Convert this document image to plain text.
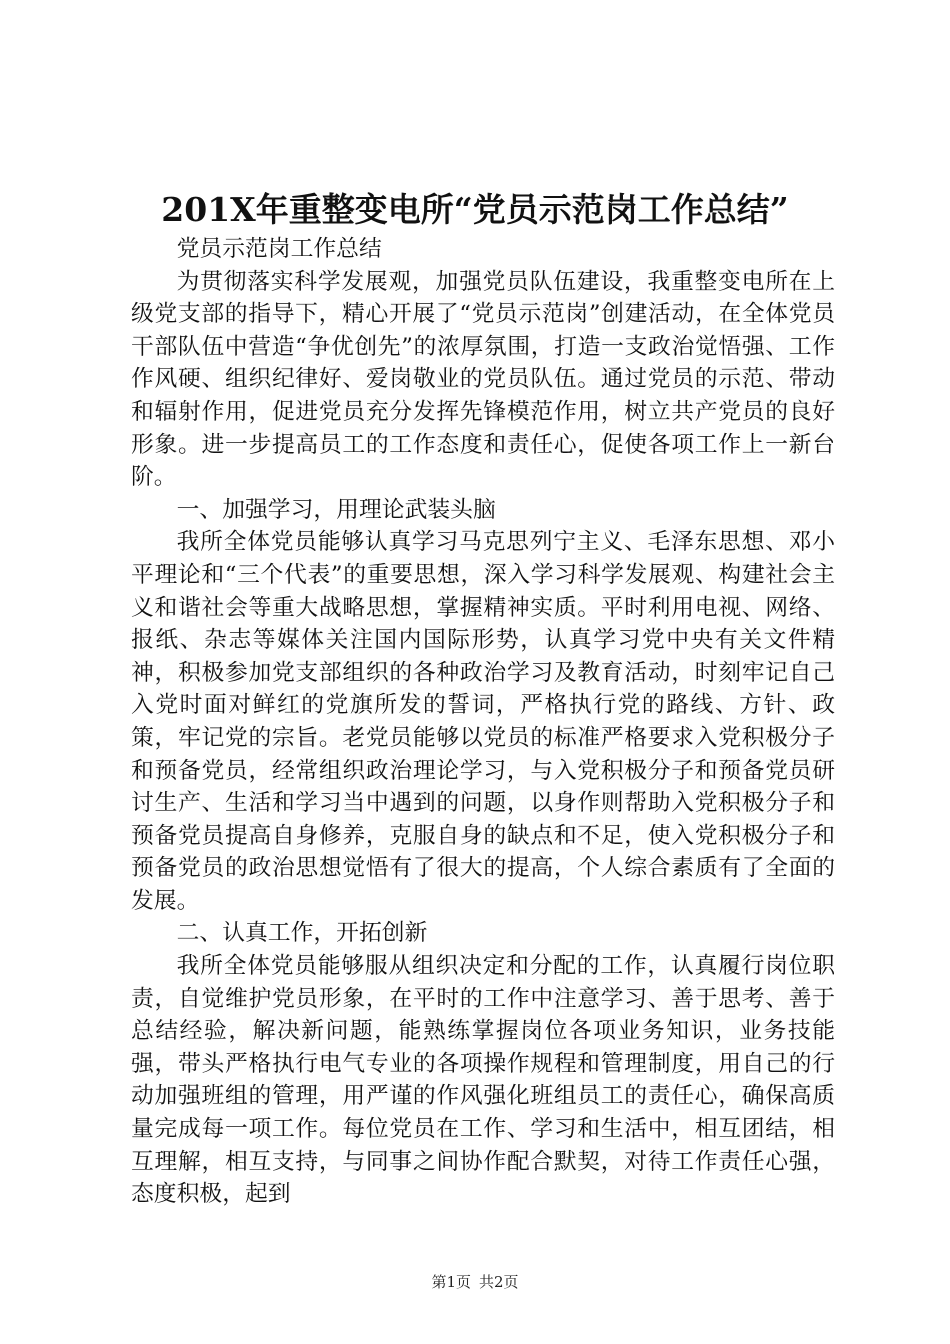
201X年重整变电所“党员示范岗工作总结”

党员示范岗工作总结

为贯彻落实科学发展观，加强党员队伍建设，我重整变电所在上级党支部的指导下，精心开展了“党员示范岗”创建活动，在全体党员干部队伍中营造“争优创先”的浓厚氛围，打造一支政治觉悟强、工作作风硬、组织纪律好、爱岗敬业的党员队伍。通过党员的示范、带动和辐射作用，促进党员充分发挥先锋模范作用，树立共产党员的良好形象。进一步提高员工的工作态度和责任心，促使各项工作上一新台阶。

一、加强学习，用理论武装头脑

我所全体党员能够认真学习马克思列宁主义、毛泽东思想、邓小平理论和“三个代表”的重要思想，深入学习科学发展观、构建社会主义和谐社会等重大战略思想，掌握精神实质。平时利用电视、网络、报纸、杂志等媒体关注国内国际形势，认真学习党中央有关文件精神，积极参加党支部组织的各种政治学习及教育活动，时刻牢记自己入党时面对鲜红的党旗所发的誓词，严格执行党的路线、方针、政策，牢记党的宗旨。老党员能够以党员的标准严格要求入党积极分子和预备党员，经常组织政治理论学习，与入党积极分子和预备党员研讨生产、生活和学习当中遇到的问题，以身作则帮助入党积极分子和预备党员提高自身修养，克服自身的缺点和不足，使入党积极分子和预备党员的政治思想觉悟有了很大的提高，个人综合素质有了全面的发展。

二、认真工作，开拓创新

我所全体党员能够服从组织决定和分配的工作，认真履行岗位职责，自觉维护党员形象，在平时的工作中注意学习、善于思考、善于总结经验，解决新问题，能熟练掌握岗位各项业务知识，业务技能强，带头严格执行电气专业的各项操作规程和管理制度，用自己的行动加强班组的管理，用严谨的作风强化班组员工的责任心，确保高质量完成每一项工作。每位党员在工作、学习和生活中，相互团结，相互理解，相互支持，与同事之间协作配合默契，对待工作责任心强，态度积极，起到

第1页 共2页
